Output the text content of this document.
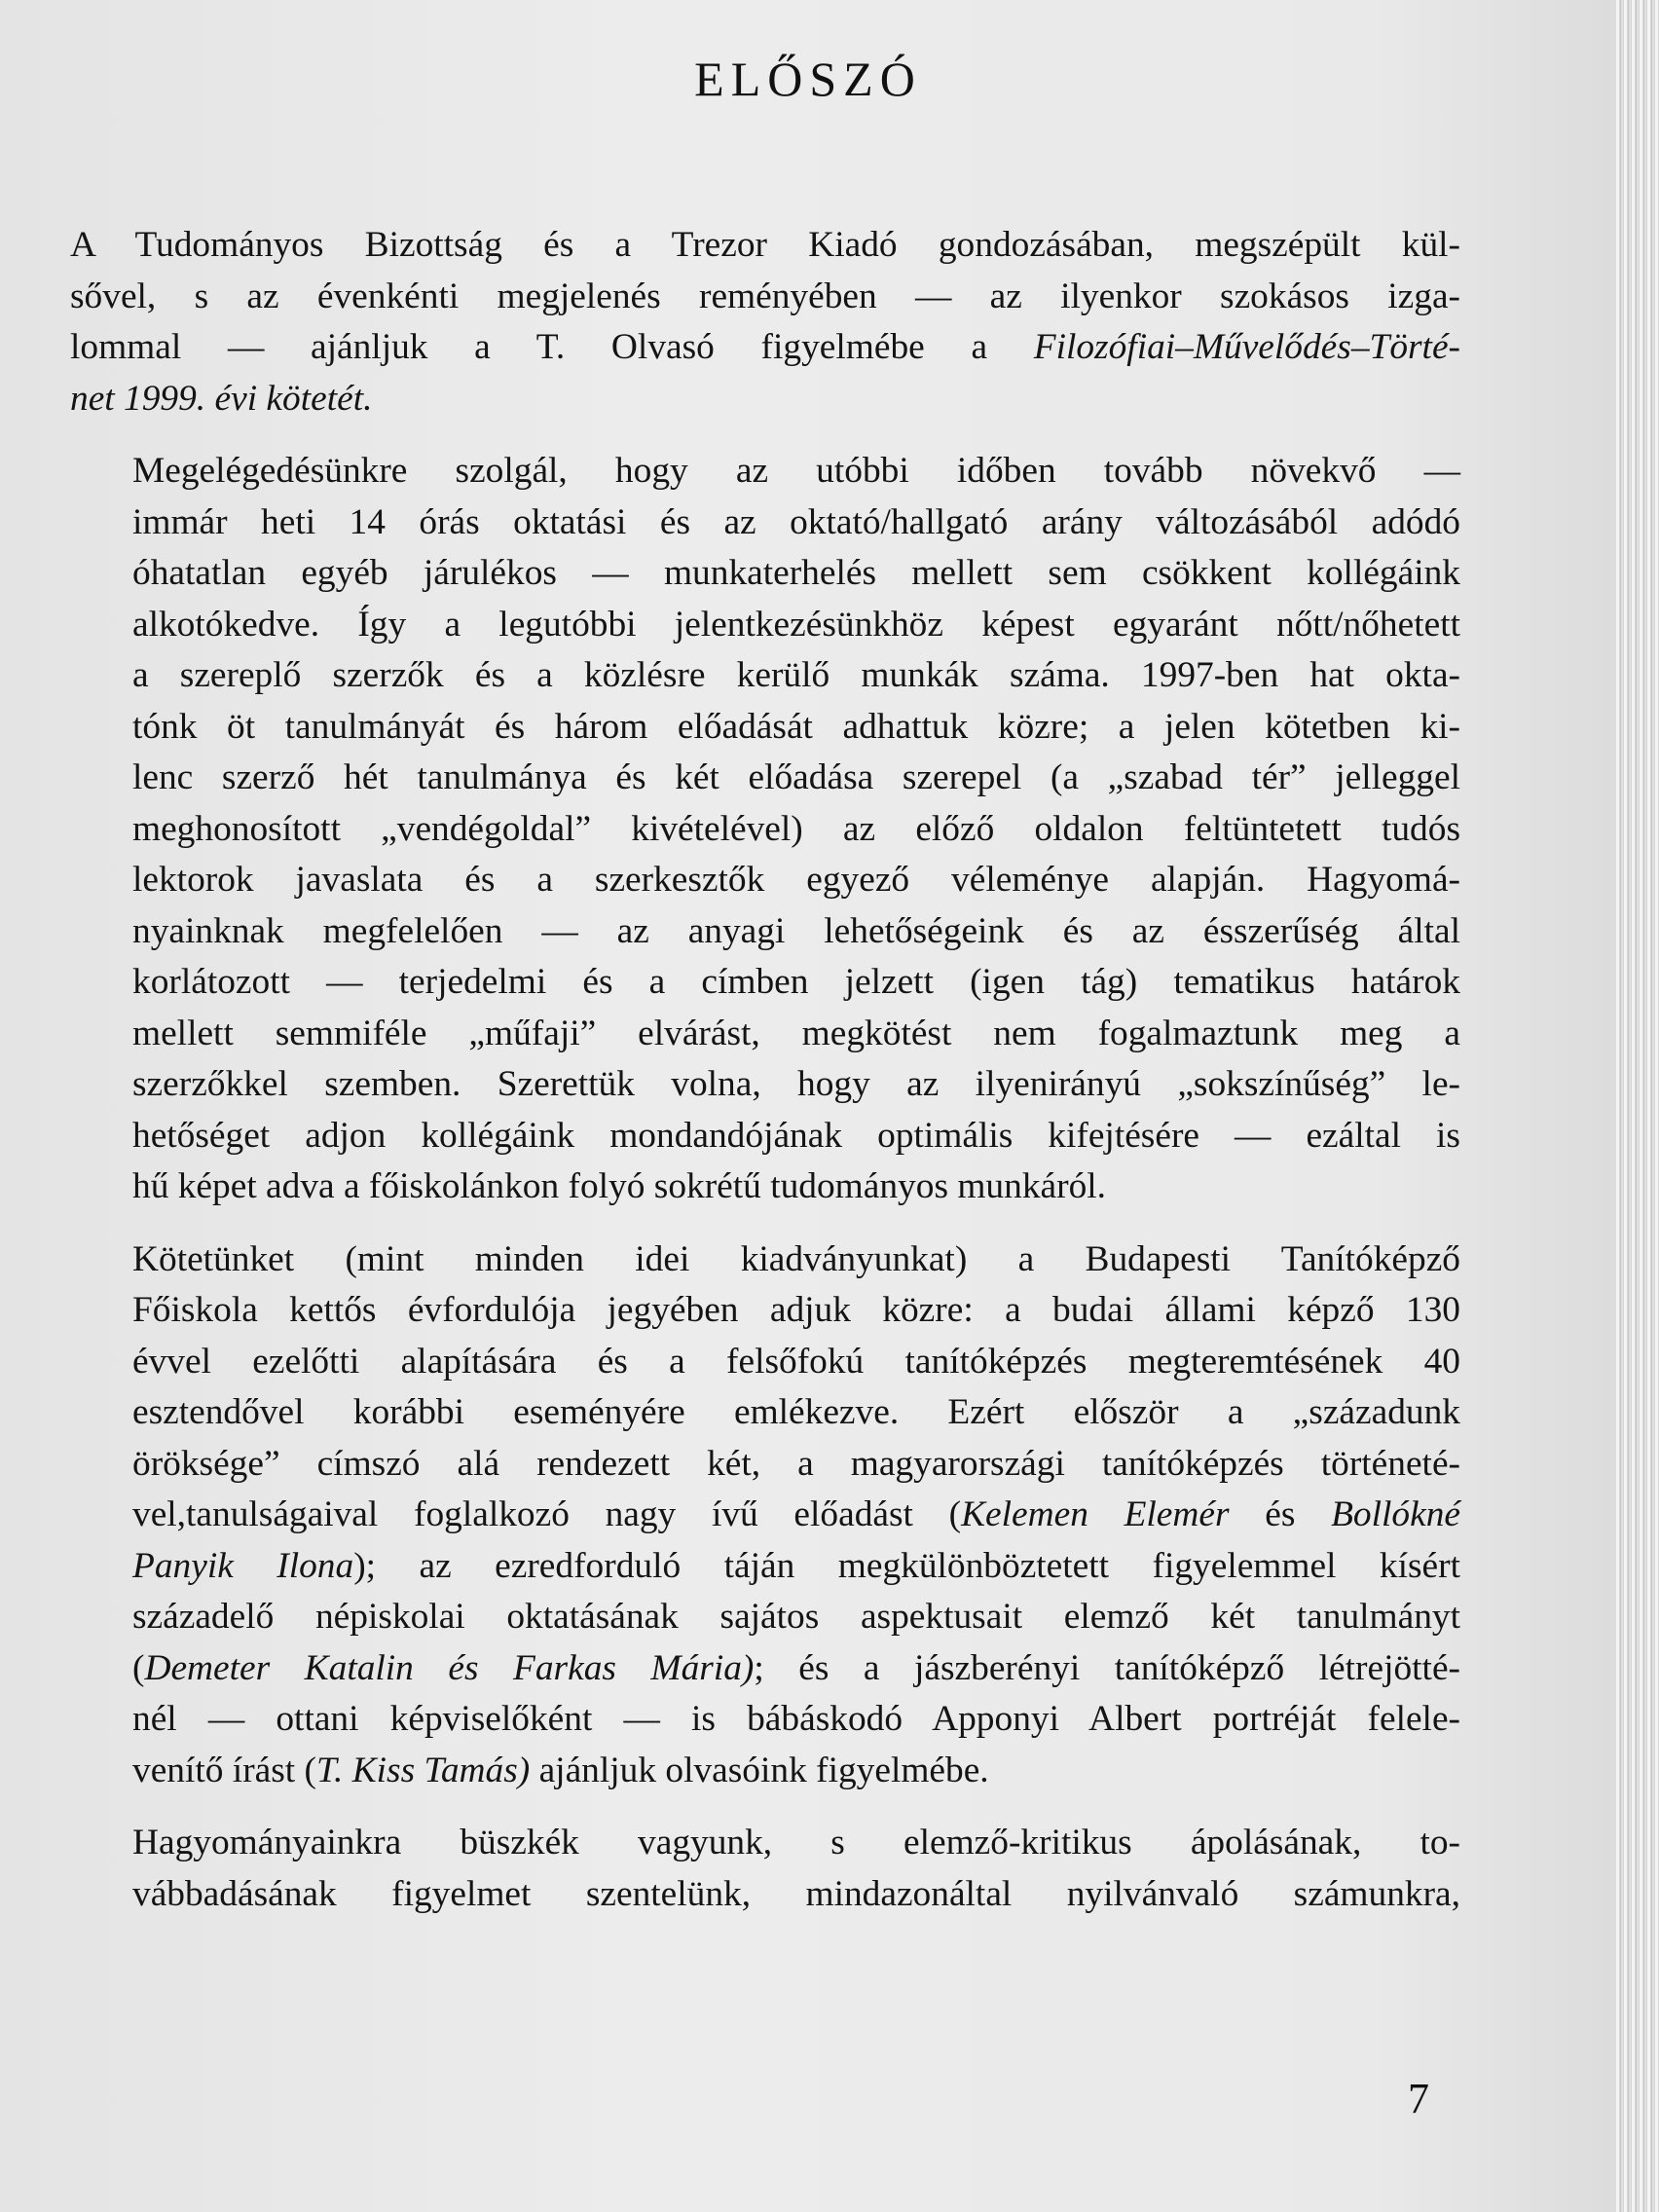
ELŐSZÓ

A Tudományos Bizottság és a Trezor Kiadó gondozásában, megszépült kül-
sővel, s az évenkénti megjelenés reményében — az ilyenkor szokásos izga-
lommal — ajánljuk a T. Olvasó figyelmébe a Filozófiai–Művelődés–Törté-
net 1999. évi kötetét.

Megelégedésünkre szolgál, hogy az utóbbi időben tovább növekvő —
immár heti 14 órás oktatási és az oktató/hallgató arány változásából adódó
óhatatlan egyéb járulékos — munkaterhelés mellett sem csökkent kollégáink
alkotókedve. Így a legutóbbi jelentkezésünkhöz képest egyaránt nőtt/nőhetett
a szereplő szerzők és a közlésre kerülő munkák száma. 1997-ben hat okta-
tónk öt tanulmányát és három előadását adhattuk közre; a jelen kötetben ki-
lenc szerző hét tanulmánya és két előadása szerepel (a „szabad tér” jelleggel
meghonosított „vendégoldal” kivételével) az előző oldalon feltüntetett tudós
lektorok javaslata és a szerkesztők egyező véleménye alapján. Hagyomá-
nyainknak megfelelően — az anyagi lehetőségeink és az ésszerűség által
korlátozott — terjedelmi és a címben jelzett (igen tág) tematikus határok
mellett semmiféle „műfaji” elvárást, megkötést nem fogalmaztunk meg a
szerzőkkel szemben. Szerettük volna, hogy az ilyenirányú „sokszínűség” le-
hetőséget adjon kollégáink mondandójának optimális kifejtésére — ezáltal is
hű képet adva a főiskolánkon folyó sokrétű tudományos munkáról.

Kötetünket (mint minden idei kiadványunkat) a Budapesti Tanítóképző
Főiskola kettős évfordulója jegyében adjuk közre: a budai állami képző 130
évvel ezelőtti alapítására és a felsőfokú tanítóképzés megteremtésének 40
esztendővel korábbi eseményére emlékezve. Ezért először a „századunk
öröksége” címszó alá rendezett két, a magyarországi tanítóképzés történeté-
vel,tanulságaival foglalkozó nagy ívű előadást (Kelemen Elemér és Bollókné
Panyik Ilona); az ezredforduló táján megkülönböztetett figyelemmel kísért
századelő népiskolai oktatásának sajátos aspektusait elemző két tanulmányt
(Demeter Katalin és Farkas Mária); és a jászberényi tanítóképző létrejötté-
nél — ottani képviselőként — is bábáskodó Apponyi Albert portréját felele-
venítő írást (T. Kiss Tamás) ajánljuk olvasóink figyelmébe.

Hagyományainkra büszkék vagyunk, s elemző-kritikus ápolásának, to-
vábbadásának figyelmet szentelünk, mindazonáltal nyilvánvaló számunkra,

7
